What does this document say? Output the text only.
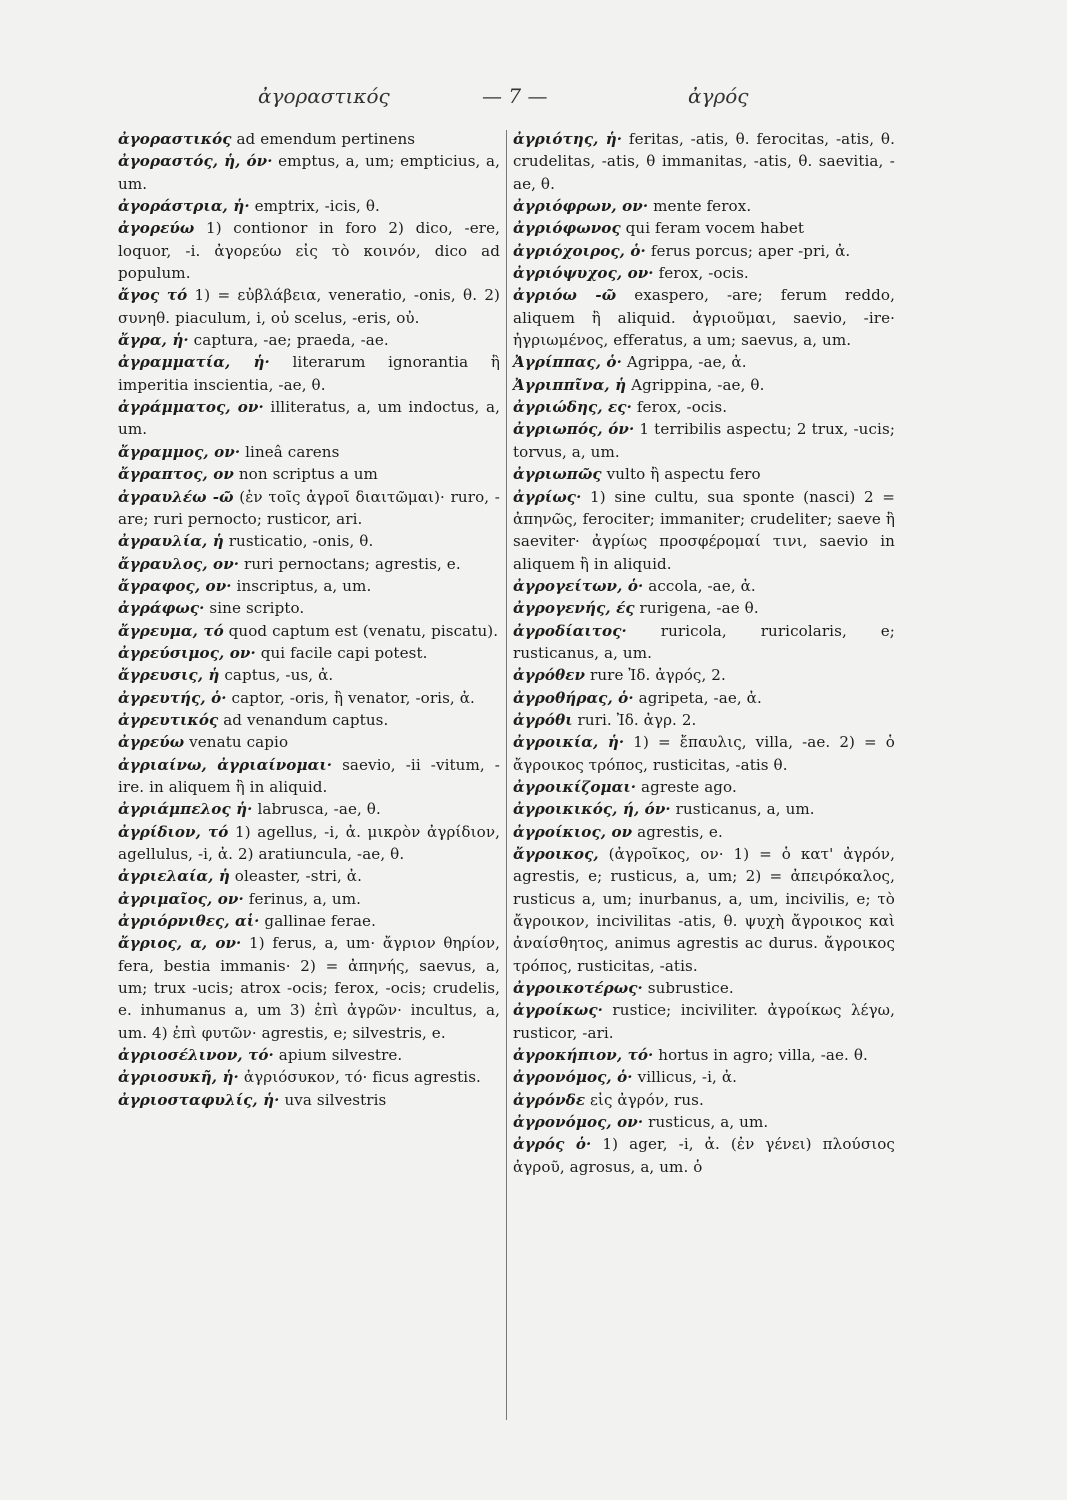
ἀγοραστικός	— 7 —	ἀγρός
ἀγοραστικός ad emendum pertinens
ἀγοραστός, ἡ, όν· emptus, a, um; empticius, a, um.
ἀγοράστρια, ἡ· emptrix, -icis, θ.
ἀγορεύω 1) contionor in foro 2) dico, -ere, loquor, -i. ἀγορεύω εἰς τὸ κοινόν, dico ad populum.
ἄγος τό 1) = εὐβλάβεια, veneratio, -onis, θ. 2) συνηθ. piaculum, i, οὐ scelus, -eris, οὐ.
ἄγρα, ἡ· captura, -ae; praeda, -ae.
ἀγραμματία, ἡ· literarum ignorantia ἢ imperitia inscientia, -ae, θ.
ἀγράμματος, ον· illiteratus, a, um indoctus, a, um.
ἄγραμμος, ον· lineâ carens
ἄγραπτος, ον non scriptus a um
ἀγραυλέω -ῶ (ἐν τοῖς ἀγροῖ διαιτῶμαι)· ruro, -are; ruri pernocto; rusticor, ari.
ἀγραυλία, ἡ rusticatio, -onis, θ.
ἄγραυλος, ον· ruri pernoctans; agrestis, e.
ἄγραφος, ον· inscriptus, a, um.
ἀγράφως· sine scripto.
ἄγρευμα, τό quod captum est (venatu, piscatu).
ἀγρεύσιμος, ον· qui facile capi potest.
ἄγρευσις, ἡ captus, -us, ἀ.
ἀγρευτής, ὁ· captor, -oris, ἢ venator, -oris, ἀ.
ἀγρευτικός ad venandum captus.
ἀγρεύω venatu capio
ἀγριαίνω, ἀγριαίνομαι· saevio, -ii -vitum, -ire. in aliquem ἢ in aliquid.
ἀγριάμπελος ἡ· labrusca, -ae, θ.
ἀγρίδιον, τό 1) agellus, -i, ἀ. μικρὸν ἀγρίδιον, agellulus, -i, ἀ. 2) aratiuncula, -ae, θ.
ἀγριελαία, ἡ oleaster, -stri, ἀ.
ἀγριμαῖος, ον· ferinus, a, um.
ἀγριόρνιθες, αἱ· gallinae ferae.
ἄγριος, α, ον· 1) ferus, a, um· ἄγριον θηρίον, fera, bestia immanis· 2) = ἀπηνής, saevus, a, um; trux -ucis; atrox -ocis; ferox, -ocis; crudelis, e. inhumanus a, um 3) ἐπὶ ἀγρῶν· incultus, a, um. 4) ἐπὶ φυτῶν· agrestis, e; silvestris, e.
ἀγριοσέλινον, τό· apium silvestre.
ἀγριοσυκῆ, ἡ· ἀγριόσυκον, τό· ficus agrestis.
ἀγριοσταφυλίς, ἡ· uva silvestris
ἀγριότης, ἡ· feritas, -atis, θ. ferocitas, -atis, θ. crudelitas, -atis, θ immanitas, -atis, θ. saevitia, -ae, θ.
ἀγριόφρων, ον· mente ferox.
ἀγριόφωνος qui feram vocem habet
ἀγριόχοιρος, ὁ· ferus porcus; aper -pri, ἀ.
ἀγριόψυχος, ον· ferox, -ocis.
ἀγριόω -ῶ exaspero, -are; ferum reddo, aliquem ἢ aliquid. ἀγριοῦμαι, saevio, -ire· ἠγριωμένος, efferatus, a um; saevus, a, um.
Ἀγρίππας, ὁ· Agrippa, -ae, ἀ.
Ἀγριππῖνα, ἡ Agrippina, -ae, θ.
ἀγριώδης, ες· ferox, -ocis.
ἀγριωπός, όν· 1 terribilis aspectu; 2 trux, -ucis; torvus, a, um.
ἀγριωπῶς vulto ἢ aspectu fero
ἀγρίως· 1) sine cultu, sua sponte (nasci) 2 = ἀπηνῶς, ferociter; immaniter; crudeliter; saeve ἢ saeviter· ἀγρίως προσφέρομαί τινι, saevio in aliquem ἢ in aliquid.
ἀγρογείτων, ὁ· accola, -ae, ἀ.
ἀγρογενής, ές rurigena, -ae θ.
ἀγροδίαιτος· ruricola, ruricolaris, e; rusticanus, a, um.
ἀγρόθεν rure Ἰδ. ἀγρός, 2.
ἀγροθήρας, ὁ· agripeta, -ae, ἀ.
ἀγρόθι ruri. Ἰδ. ἀγρ. 2.
ἀγροικία, ἡ· 1) = ἔπαυλις, villa, -ae. 2) = ὁ ἄγροικος τρόπος, rusticitas, -atis θ.
ἀγροικίζομαι· agreste ago.
ἀγροικικός, ή, όν· rusticanus, a, um.
ἀγροίκιος, ον agrestis, e.
ἄγροικος, (ἀγροῖκος, ον· 1) = ὁ κατ' ἀγρόν, agrestis, e; rusticus, a, um; 2) = ἀπειρόκαλος, rusticus a, um; inurbanus, a, um, incivilis, e; τὸ ἄγροικον, incivilitas -atis, θ. ψυχὴ ἄγροικος καὶ ἀναίσθητος, animus agrestis ac durus. ἄγροικος τρόπος, rusticitas, -atis.
ἀγροικοτέρως· subrustice.
ἀγροίκως· rustice; inciviliter. ἀγροίκως λέγω, rusticor, -ari.
ἀγροκήπιον, τό· hortus in agro; villa, -ae. θ.
ἀγρονόμος, ὁ· villicus, -i, ἀ.
ἀγρόνδε εἰς ἀγρόν, rus.
ἀγρονόμος, ον· rusticus, a, um.
ἀγρός ὁ· 1) ager, -i, ἀ. (ἐν γένει) πλούσιος ἀγροῦ, agrosus, a, um. ὁ
